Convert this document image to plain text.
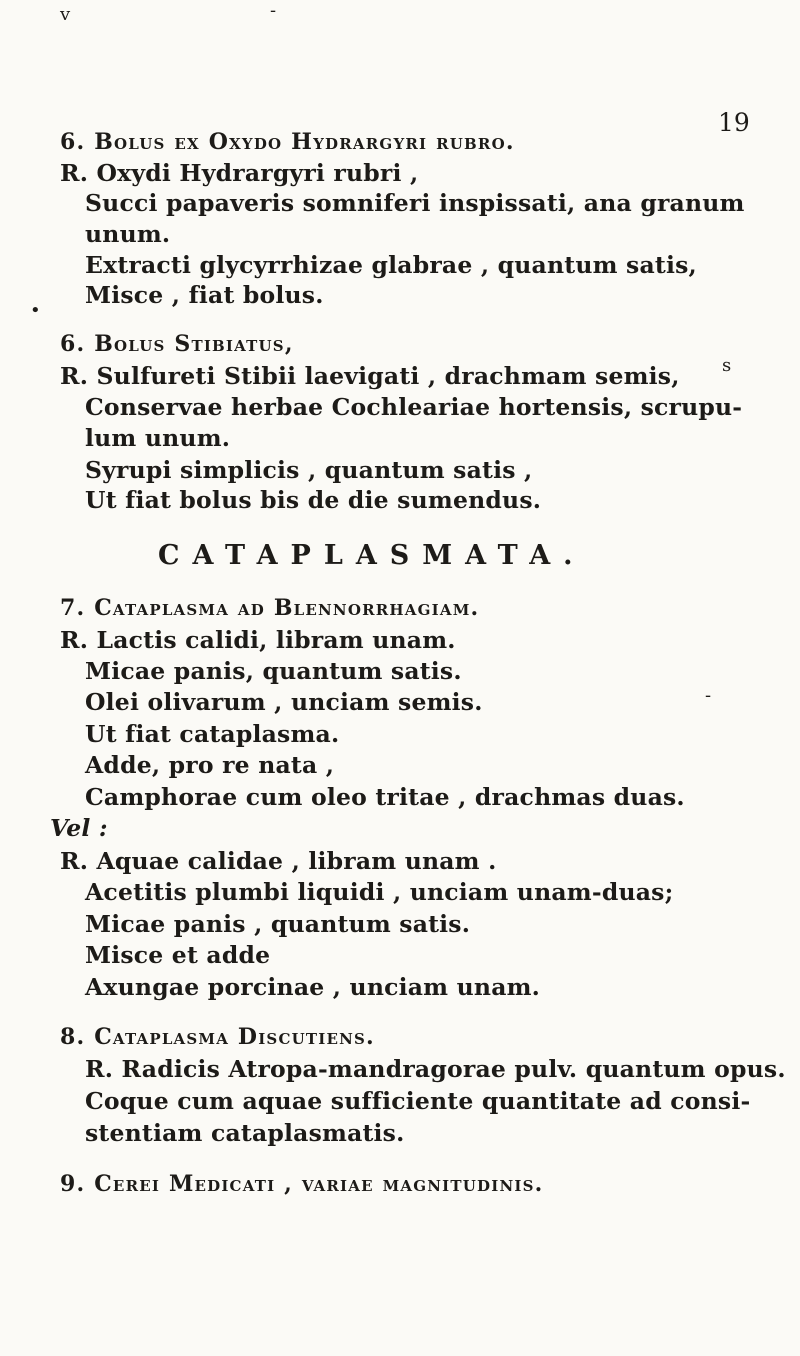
v	-
•
s
-
19
6. Bolus ex Oxydo Hydrargyri rubro.
R. Oxydi Hydrargyri rubri ,
Succi papaveris somniferi inspissati, ana granum
unum.
Extracti glycyrrhizae glabrae , quantum satis,
Misce , fiat bolus.
6. Bolus Stibiatus,
R. Sulfureti Stibii laevigati , drachmam semis,
Conservae herbae Cochleariae hortensis, scrupu-
lum unum.
Syrupi simplicis , quantum satis ,
Ut fiat bolus bis de die sumendus.
CATAPLASMATA.
7. Cataplasma ad Blennorrhagiam.
R. Lactis calidi, libram unam.
Micae panis, quantum satis.
Olei olivarum , unciam semis.
Ut fiat cataplasma.
Adde, pro re nata ,
Camphorae cum oleo tritae , drachmas duas.
Vel :
R. Aquae calidae , libram unam .
Acetitis plumbi liquidi , unciam unam-duas;
Micae panis , quantum satis.
Misce et adde
Axungae porcinae , unciam unam.
8. Cataplasma Discutiens.
R. Radicis Atropa-mandragorae pulv. quantum opus.
Coque cum aquae sufficiente quantitate ad consi-
stentiam cataplasmatis.
9. Cerei Medicati , variae magnitudinis.
